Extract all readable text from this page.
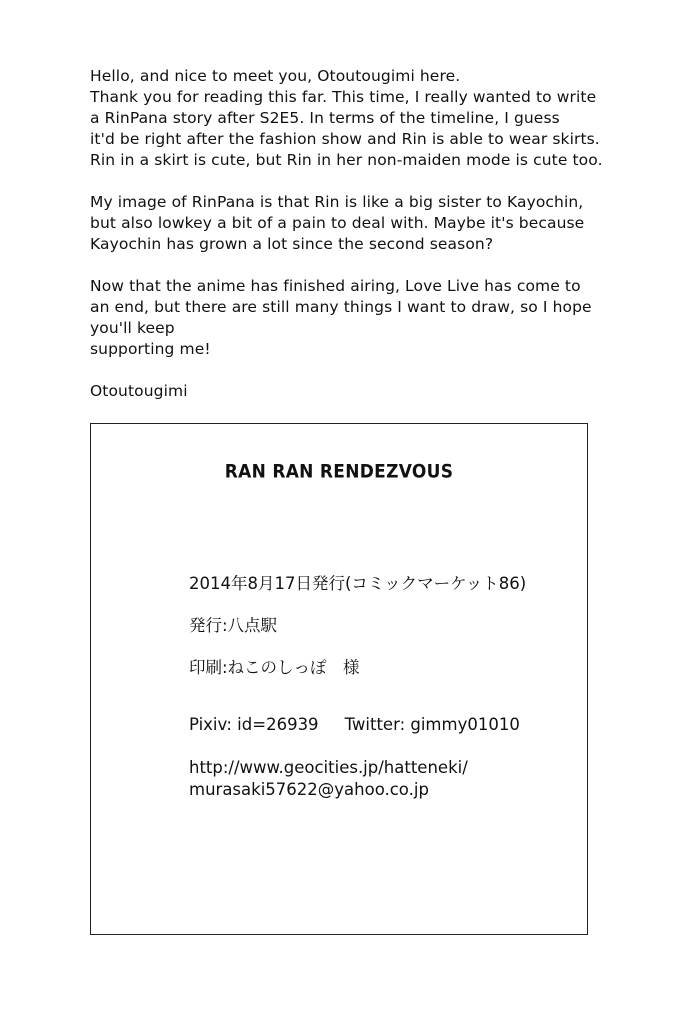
Hello, and nice to meet you, Otoutougimi here.
Thank you for reading this far. This time, I really wanted to write
a RinPana story after S2E5. In terms of the timeline, I guess
it'd be right after the fashion show and Rin is able to wear skirts.
Rin in a skirt is cute, but Rin in her non-maiden mode is cute too.

My image of RinPana is that Rin is like a big sister to Kayochin,
but also lowkey a bit of a pain to deal with. Maybe it's because
Kayochin has grown a lot since the second season?

Now that the anime has finished airing, Love Live has come to
an end, but there are still many things I want to draw, so I hope
you'll keep
supporting me!

Otoutougimi
RAN RAN RENDEZVOUS
2014年8月17日発行(コミックマーケット86)
発行:八点駅
印刷:ねこのしっぽ　様
Pixiv: id=26939 Twitter: gimmy01010
http://www.geocities.jp/hatteneki/
murasaki57622@yahoo.co.jp
